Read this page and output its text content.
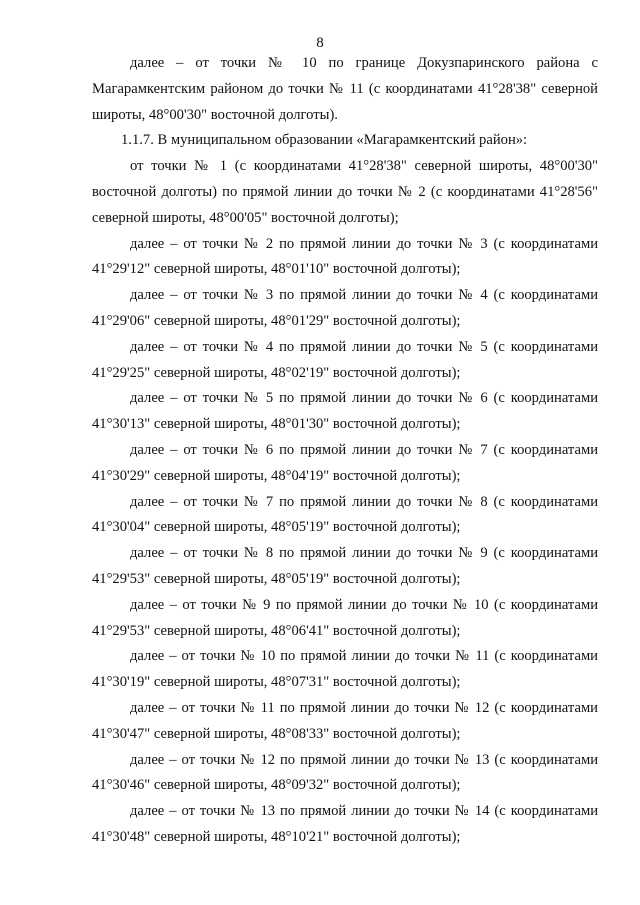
8

далее – от точки № 10 по границе Докузпаринского района с Магарамкентским районом до точки № 11 (с координатами 41°28'38" северной широты, 48°00'30" восточной долготы).

1.1.7. В муниципальном образовании «Магарамкентский район»:

от точки № 1 (с координатами 41°28'38" северной широты, 48°00'30" восточной долготы) по прямой линии до точки № 2 (с координатами 41°28'56" северной широты, 48°00'05" восточной долготы);

далее – от точки № 2 по прямой линии до точки № 3 (с координатами 41°29'12" северной широты, 48°01'10" восточной долготы);

далее – от точки № 3 по прямой линии до точки № 4 (с координатами 41°29'06" северной широты, 48°01'29" восточной долготы);

далее – от точки № 4 по прямой линии до точки № 5 (с координатами 41°29'25" северной широты, 48°02'19" восточной долготы);

далее – от точки № 5 по прямой линии до точки № 6 (с координатами 41°30'13" северной широты, 48°01'30" восточной долготы);

далее – от точки № 6 по прямой линии до точки № 7 (с координатами 41°30'29" северной широты, 48°04'19" восточной долготы);

далее – от точки № 7 по прямой линии до точки № 8 (с координатами 41°30'04" северной широты, 48°05'19" восточной долготы);

далее – от точки № 8 по прямой линии до точки № 9 (с координатами 41°29'53" северной широты, 48°05'19" восточной долготы);

далее – от точки № 9 по прямой линии до точки № 10 (с координатами 41°29'53" северной широты, 48°06'41" восточной долготы);

далее – от точки № 10 по прямой линии до точки № 11 (с координатами 41°30'19" северной широты, 48°07'31" восточной долготы);

далее – от точки № 11 по прямой линии до точки № 12 (с координатами 41°30'47" северной широты, 48°08'33" восточной долготы);

далее – от точки № 12 по прямой линии до точки № 13 (с координатами 41°30'46" северной широты, 48°09'32" восточной долготы);

далее – от точки № 13 по прямой линии до точки № 14 (с координатами 41°30'48" северной широты, 48°10'21" восточной долготы);
